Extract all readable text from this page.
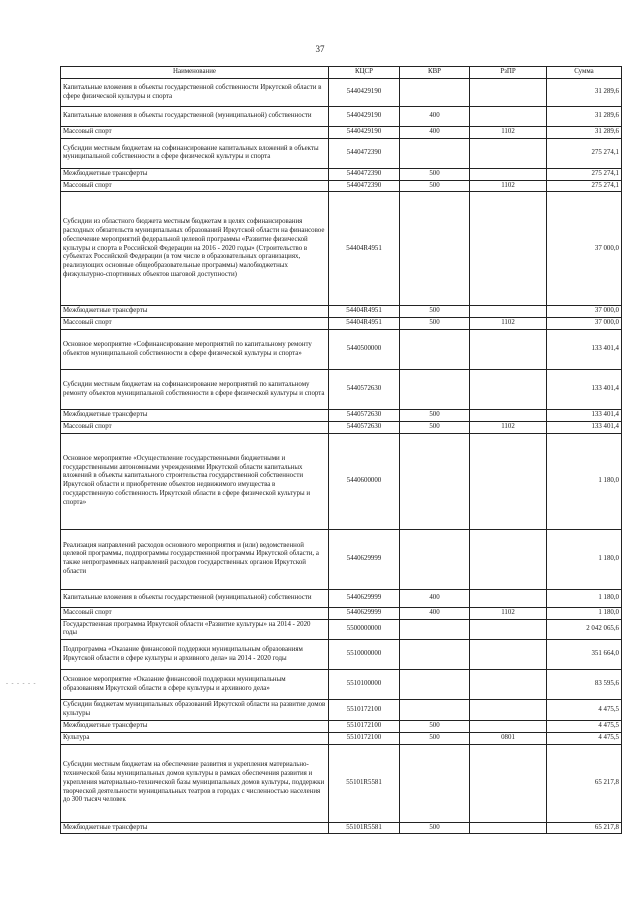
37
- - - - - -
Наименование	КЦСР	КВР	РзПР	Сумма
Капитальные вложения в объекты государственной собственности Иркутской области в сфере физической культуры и спорта	5440429190			31 289,6
Капитальные вложения в объекты государственной (муниципальной) собственности	5440429190	400		31 289,6
Массовый спорт	5440429190	400	1102	31 289,6
Субсидии местным бюджетам на софинансирование капитальных вложений в объекты муниципальной собственности в сфере физической культуры и спорта	5440472390			275 274,1
Межбюджетные трансферты	5440472390	500		275 274,1
Массовый спорт	5440472390	500	1102	275 274,1
Субсидии из областного бюджета местным бюджетам в целях софинансирования расходных обязательств муниципальных образований Иркутской области на финансовое обеспечение мероприятий федеральной целевой программы «Развитие физической культуры и спорта в Российской Федерации на 2016 - 2020 годы» (Строительство в субъектах Российской Федерации (в том числе в образовательных организациях, реализующих основные общеобразовательные программы) малобюджетных физкультурно-спортивных объектов шаговой доступности)	54404R4951			37 000,0
Межбюджетные трансферты	54404R4951	500		37 000,0
Массовый спорт	54404R4951	500	1102	37 000,0
Основное мероприятие «Софинансирование мероприятий по капитальному ремонту объектов муниципальной собственности в сфере физической культуры и спорта»	5440500000			133 401,4
Субсидии местным бюджетам на софинансирование мероприятий по капитальному ремонту объектов муниципальной собственности в сфере физической культуры и спорта	5440572630			133 401,4
Межбюджетные трансферты	5440572630	500		133 401,4
Массовый спорт	5440572630	500	1102	133 401,4
Основное мероприятие «Осуществление государственными бюджетными и государственными автономными учреждениями Иркутской области капитальных вложений в объекты капитального строительства государственной собственности Иркутской области и приобретение объектов недвижимого имущества в государственную собственность Иркутской области в сфере физической культуры и спорта»	5440600000			1 180,0
Реализация направлений расходов основного мероприятия и (или) ведомственной целевой программы, подпрограммы государственной программы Иркутской области, а также непрограммных направлений расходов государственных органов Иркутской области	5440629999			1 180,0
Капитальные вложения в объекты государственной (муниципальной) собственности	5440629999	400		1 180,0
Массовый спорт	5440629999	400	1102	1 180,0
Государственная программа Иркутской области «Развитие культуры» на 2014 - 2020 годы	5500000000			2 042 065,6
Подпрограмма «Оказание финансовой поддержки муниципальным образованиям Иркутской области в сфере культуры и архивного дела» на 2014 - 2020 годы	5510000000			351 664,0
Основное мероприятие «Оказание финансовой поддержки муниципальным образованиям Иркутской области в сфере культуры и архивного дела»	5510100000			83 595,6
Субсидии бюджетам муниципальных образований Иркутской области на развитие домов культуры	5510172100			4 475,5
Межбюджетные трансферты	5510172100	500		4 475,5
Культура	5510172100	500	0801	4 475,5
Субсидии местным бюджетам на обеспечение развития и укрепления материально-технической базы муниципальных домов культуры в рамках обеспечения развития и укрепления материально-технической базы муниципальных домов культуры, поддержки творческой деятельности муниципальных театров в городах с численностью населения до 300 тысяч человек	55101R5581			65 217,8
Межбюджетные трансферты	55101R5581	500		65 217,8
